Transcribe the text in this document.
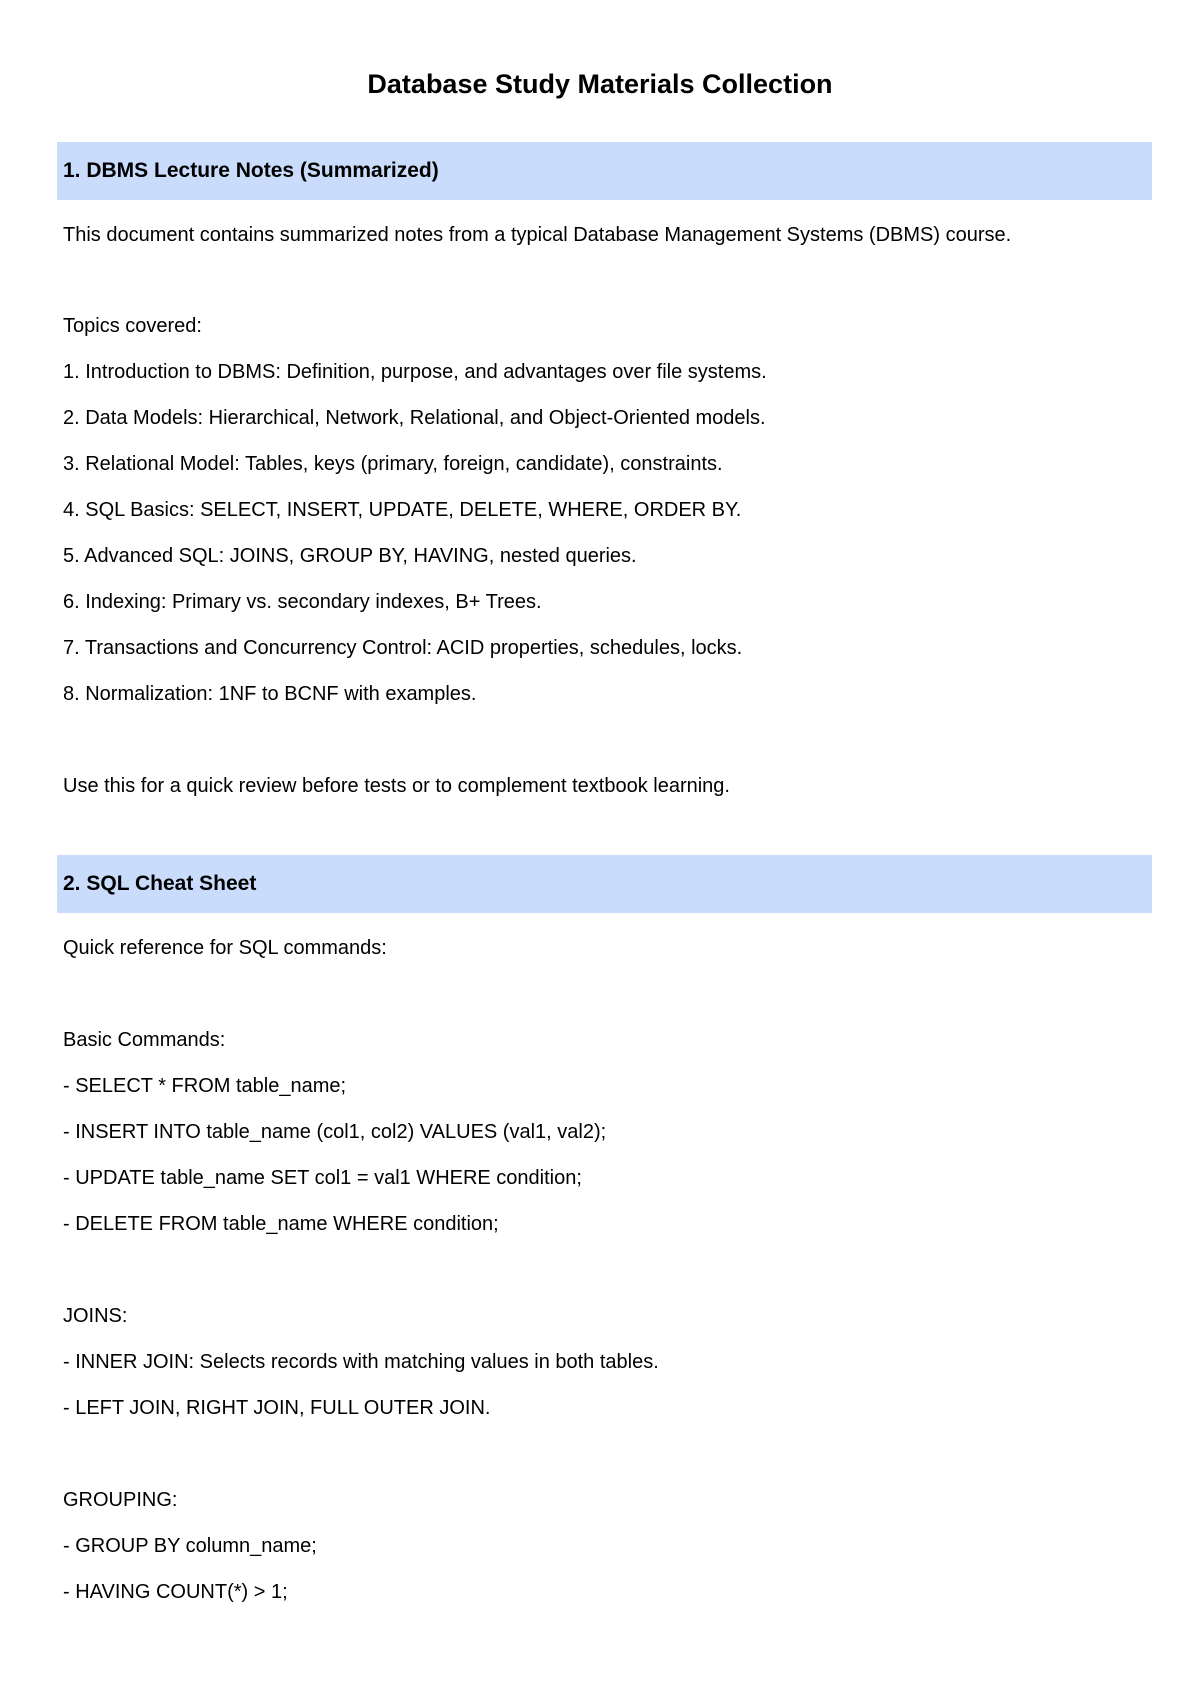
Database Study Materials Collection
1. DBMS Lecture Notes (Summarized)
This document contains summarized notes from a typical Database Management Systems (DBMS) course.
Topics covered:
1. Introduction to DBMS: Definition, purpose, and advantages over file systems.
2. Data Models: Hierarchical, Network, Relational, and Object-Oriented models.
3. Relational Model: Tables, keys (primary, foreign, candidate), constraints.
4. SQL Basics: SELECT, INSERT, UPDATE, DELETE, WHERE, ORDER BY.
5. Advanced SQL: JOINS, GROUP BY, HAVING, nested queries.
6. Indexing: Primary vs. secondary indexes, B+ Trees.
7. Transactions and Concurrency Control: ACID properties, schedules, locks.
8. Normalization: 1NF to BCNF with examples.
Use this for a quick review before tests or to complement textbook learning.
2. SQL Cheat Sheet
Quick reference for SQL commands:
Basic Commands:
- SELECT * FROM table_name;
- INSERT INTO table_name (col1, col2) VALUES (val1, val2);
- UPDATE table_name SET col1 = val1 WHERE condition;
- DELETE FROM table_name WHERE condition;
JOINS:
- INNER JOIN: Selects records with matching values in both tables.
- LEFT JOIN, RIGHT JOIN, FULL OUTER JOIN.
GROUPING:
- GROUP BY column_name;
- HAVING COUNT(*) > 1;
